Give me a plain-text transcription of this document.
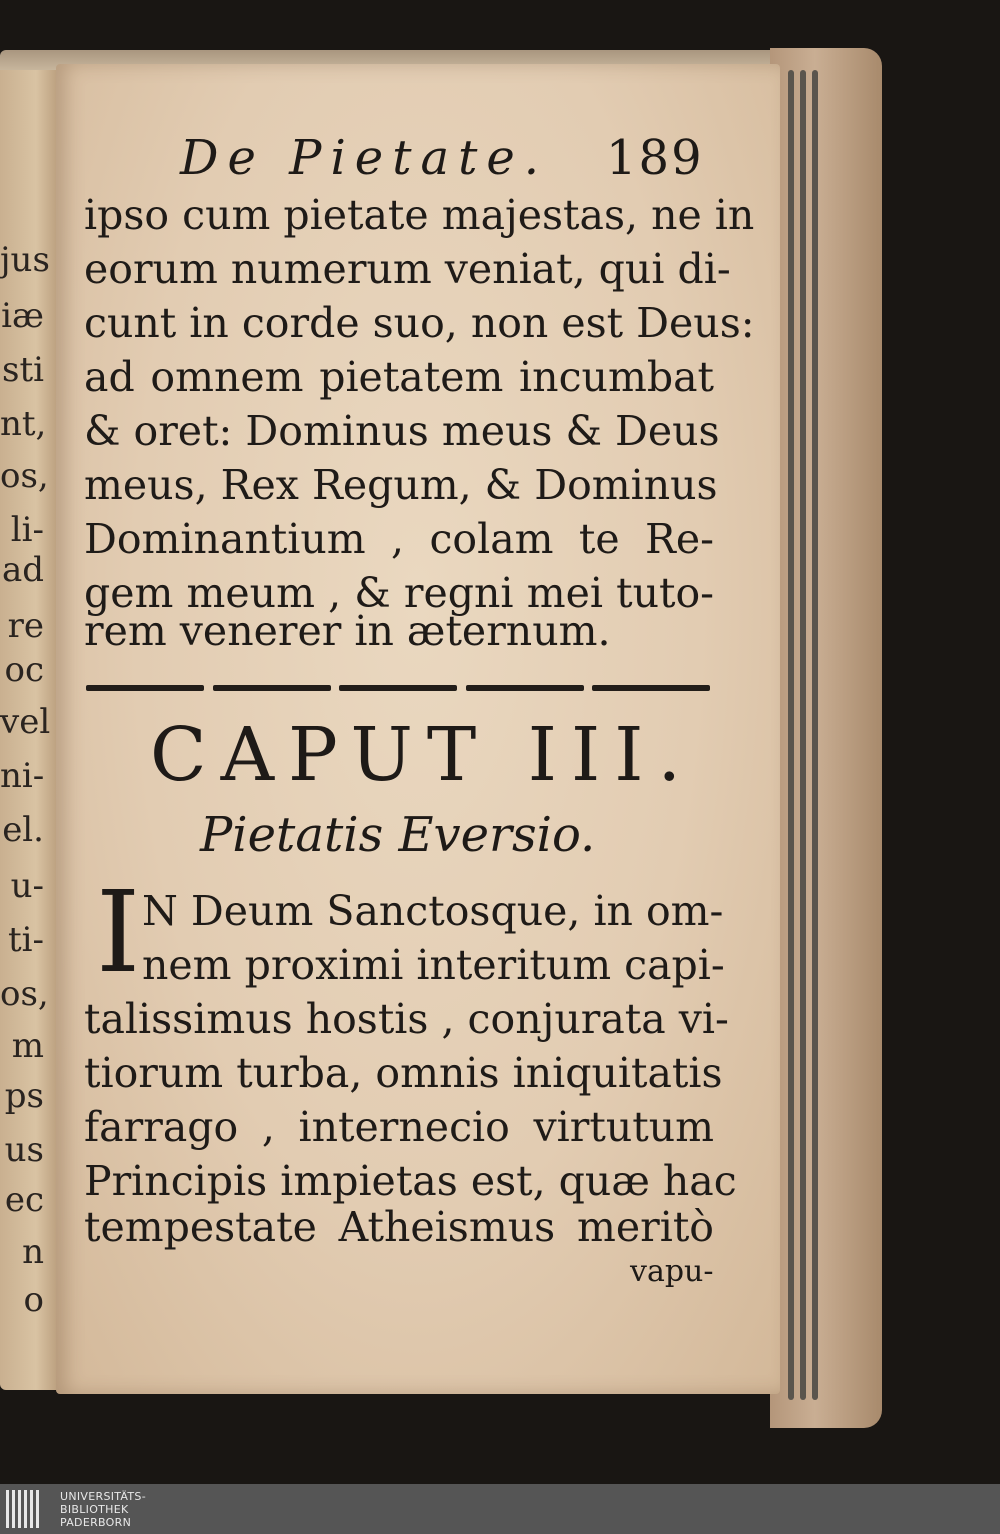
jus
iæ
sti
nt,
os,
li-
ad
re
oc
vel
ni-
el.
u-
ti-
os,
m
ps
us
ec
n
o
De Pietate.	189
ipso cum pietate majestas, ne in
eorum numerum veniat, qui di-
cunt in corde suo, non est Deus:
ad omnem pietatem incumbat
& oret: Dominus meus & Deus
meus, Rex Regum, & Dominus
Dominantium , colam te Re-
gem meum , & regni mei tuto-
rem venerer in æternum.
CAPUT III.
Pietatis Eversio.
I N Deum Sanctosque, in om-
nem proximi interitum capi-
talissimus hostis , conjurata vi-
tiorum turba, omnis iniquitatis
farrago , internecio virtutum
Principis impietas est, quæ hac
tempestate Atheismus meritò
vapu-
UNIVERSITÄTS-
BIBLIOTHEK
PADERBORN
